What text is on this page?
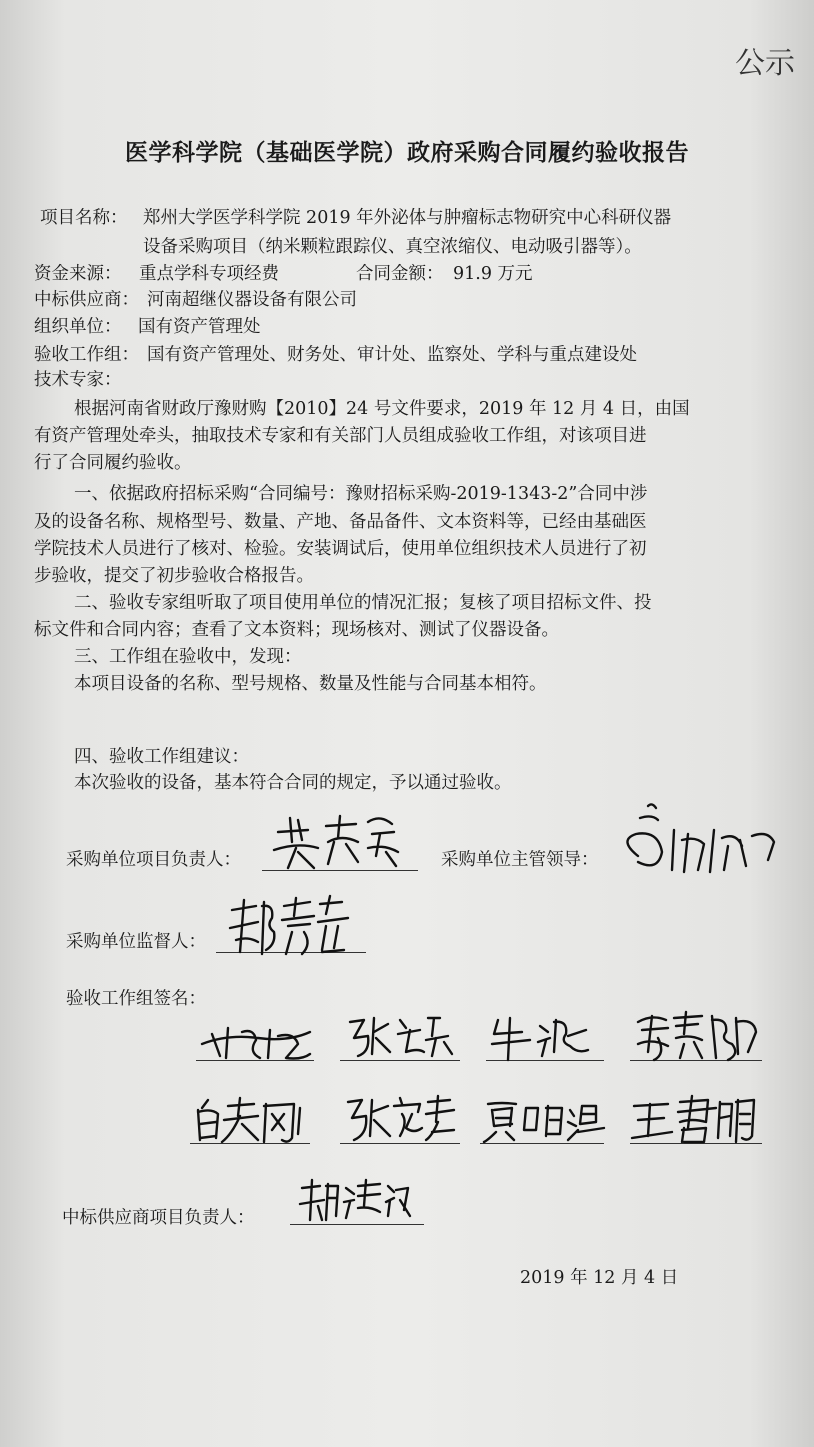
公示
医学科学院（基础医学院）政府采购合同履约验收报告
项目名称： 郑州大学医学科学院 2019 年外泌体与肿瘤标志物研究中心科研仪器
设备采购项目（纳米颗粒跟踪仪、真空浓缩仪、电动吸引器等）。
资金来源： 重点学科专项经费	合同金额： 91.9 万元
中标供应商： 河南超继仪器设备有限公司
组织单位： 国有资产管理处
验收工作组： 国有资产管理处、财务处、审计处、监察处、学科与重点建设处
技术专家：
根据河南省财政厅豫财购【2010】24 号文件要求，2019 年 12 月 4 日，由国
有资产管理处牵头，抽取技术专家和有关部门人员组成验收工作组，对该项目进
行了合同履约验收。
一、依据政府招标采购“合同编号：豫财招标采购-2019-1343-2”合同中涉
及的设备名称、规格型号、数量、产地、备品备件、文本资料等，已经由基础医
学院技术人员进行了核对、检验。安装调试后，使用单位组织技术人员进行了初
步验收，提交了初步验收合格报告。
二、验收专家组听取了项目使用单位的情况汇报；复核了项目招标文件、投
标文件和合同内容；查看了文本资料；现场核对、测试了仪器设备。
三、工作组在验收中，发现：
本项目设备的名称、型号规格、数量及性能与合同基本相符。
四、验收工作组建议：
本次验收的设备，基本符合合同的规定，予以通过验收。
采购单位项目负责人：	采购单位主管领导：
采购单位监督人：
验收工作组签名：
中标供应商项目负责人：
2019 年 12 月 4 日
